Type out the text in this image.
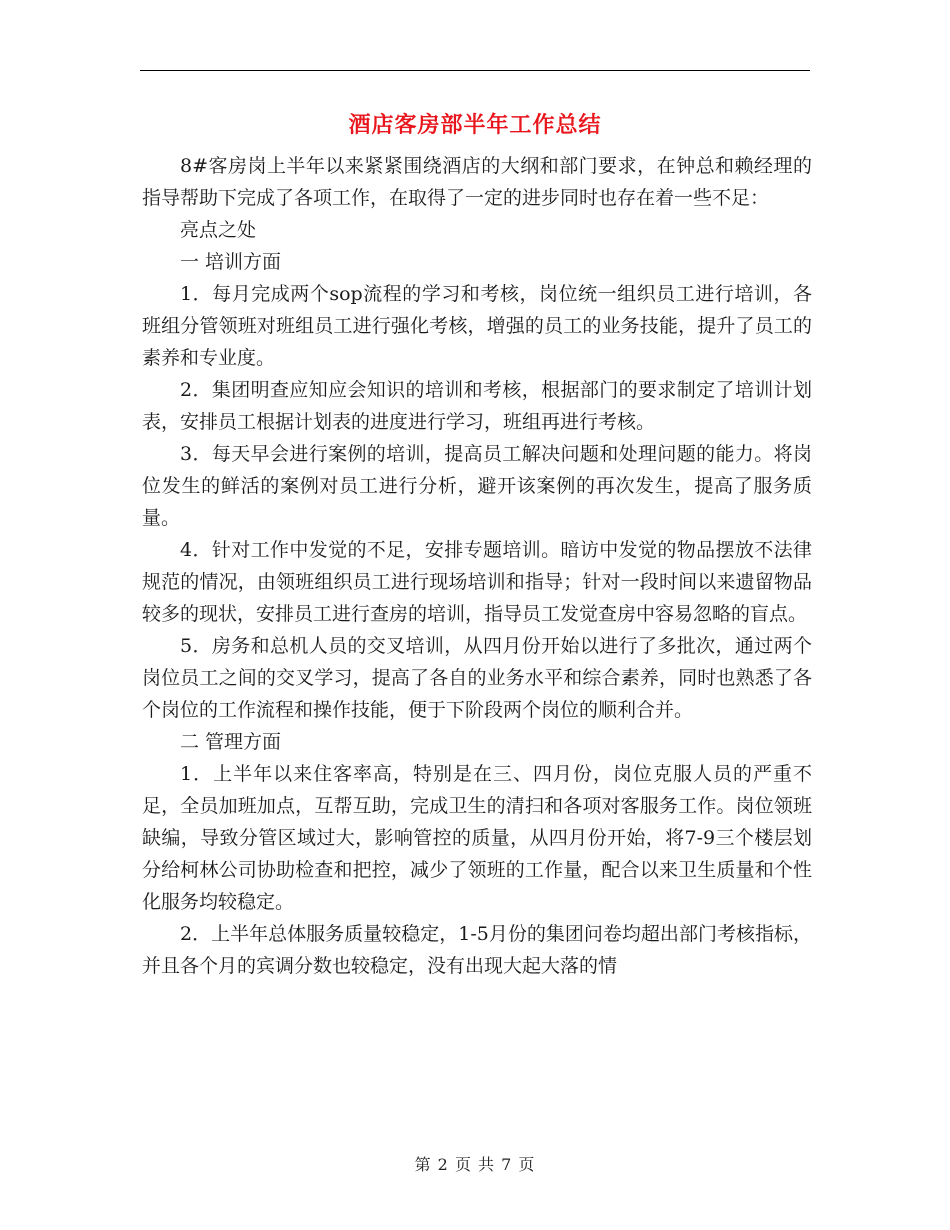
酒店客房部半年工作总结

8#客房岗上半年以来紧紧围绕酒店的大纲和部门要求，在钟总和赖经理的指导帮助下完成了各项工作，在取得了一定的进步同时也存在着一些不足：

亮点之处

一 培训方面

1．每月完成两个sop流程的学习和考核，岗位统一组织员工进行培训，各班组分管领班对班组员工进行强化考核，增强的员工的业务技能，提升了员工的素养和专业度。

2．集团明查应知应会知识的培训和考核，根据部门的要求制定了培训计划表，安排员工根据计划表的进度进行学习，班组再进行考核。

3．每天早会进行案例的培训，提高员工解决问题和处理问题的能力。将岗位发生的鲜活的案例对员工进行分析，避开该案例的再次发生，提高了服务质量。

4．针对工作中发觉的不足，安排专题培训。暗访中发觉的物品摆放不法律规范的情况，由领班组织员工进行现场培训和指导；针对一段时间以来遗留物品较多的现状，安排员工进行查房的培训，指导员工发觉查房中容易忽略的盲点。

5．房务和总机人员的交叉培训，从四月份开始以进行了多批次，通过两个岗位员工之间的交叉学习，提高了各自的业务水平和综合素养，同时也熟悉了各个岗位的工作流程和操作技能，便于下阶段两个岗位的顺利合并。

二 管理方面

1．上半年以来住客率高，特别是在三、四月份，岗位克服人员的严重不足，全员加班加点，互帮互助，完成卫生的清扫和各项对客服务工作。岗位领班缺编，导致分管区域过大，影响管控的质量，从四月份开始，将7-9三个楼层划分给柯林公司协助检查和把控，减少了领班的工作量，配合以来卫生质量和个性化服务均较稳定。

2．上半年总体服务质量较稳定，1-5月份的集团问卷均超出部门考核指标，并且各个月的宾调分数也较稳定，没有出现大起大落的情

第 2 页 共 7 页
